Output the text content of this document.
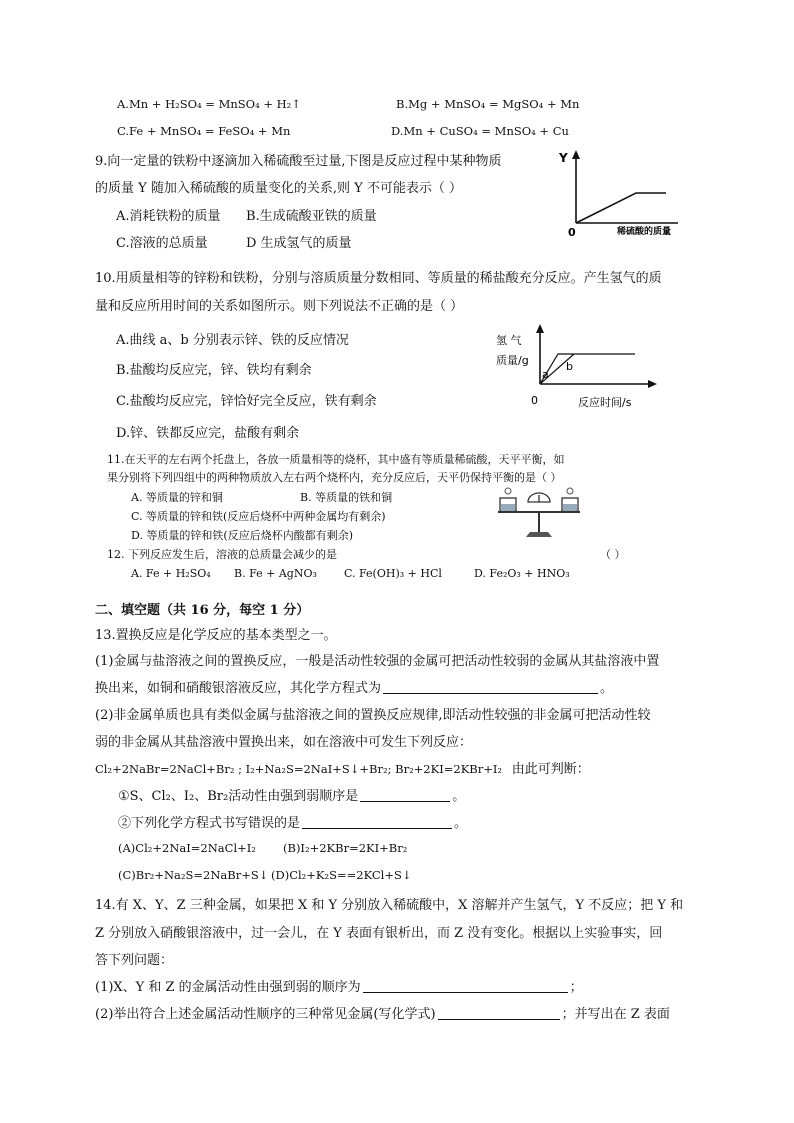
A.Mn + H₂SO₄ = MnSO₄ + H₂↑	B.Mg + MnSO₄ = MgSO₄ + Mn
C.Fe + MnSO₄ = FeSO₄ + Mn	D.Mn + CuSO₄ = MnSO₄ + Cu
9.向一定量的铁粉中逐滴加入稀硫酸至过量,下图是反应过程中某种物质
的质量 Y 随加入稀硫酸的质量变化的关系,则 Y 不可能表示（ ）
A.消耗铁粉的质量 B.生成硫酸亚铁的质量
C.溶液的总质量	D 生成氢气的质量
Y
0	稀硫酸的质量
10.用质量相等的锌粉和铁粉，分别与溶质质量分数相同、等质量的稀盐酸充分反应。产生氢气的质
量和反应所用时间的关系如图所示。则下列说法不正确的是（ ）
A.曲线 a、b 分别表示锌、铁的反应情况
B.盐酸均反应完，锌、铁均有剩余
C.盐酸均反应完，锌恰好完全反应，铁有剩余
D.锌、铁都反应完，盐酸有剩余
氢 气
质量/g
a
b
0	反应时间/s
11.在天平的左右两个托盘上，各放一质量相等的烧杯，其中盛有等质量稀硫酸，天平平衡，如
果分别将下列四组中的两种物质放入左右两个烧杯内，充分反应后，天平仍保持平衡的是（ ）
A. 等质量的锌和铜	B. 等质量的铁和铜
C. 等质量的锌和铁(反应后烧杯中两种金属均有剩余)
D. 等质量的锌和铁(反应后烧杯内酸都有剩余)
12. 下列反应发生后，溶液的总质量会减少的是	（ ）
A. Fe + H₂SO₄ B. Fe + AgNO₃ C. Fe(OH)₃ + HCl	D. Fe₂O₃ + HNO₃
二、填空题（共 16 分，每空 1 分）
13.置换反应是化学反应的基本类型之一。
(1)金属与盐溶液之间的置换反应，一般是活动性较强的金属可把活动性较弱的金属从其盐溶液中置
换出来，如铜和硝酸银溶液反应，其化学方程式为	。
(2)非金属单质也具有类似金属与盐溶液之间的置换反应规律,即活动性较强的非金属可把活动性较
弱的非金属从其盐溶液中置换出来，如在溶液中可发生下列反应：
Cl₂+2NaBr=2NaCl+Br₂ ; I₂+Na₂S=2NaI+S↓+Br₂; Br₂+2KI=2KBr+I₂ 由此可判断：
①S、Cl₂、I₂、Br₂活动性由强到弱顺序是	。
②下列化学方程式书写错误的是	。
(A)Cl₂+2NaI=2NaCl+I₂ (B)I₂+2KBr=2KI+Br₂
(C)Br₂+Na₂S=2NaBr+S↓ (D)Cl₂+K₂S==2KCl+S↓
14.有 X、Y、Z 三种金属，如果把 X 和 Y 分别放入稀硫酸中，X 溶解并产生氢气，Y 不反应；把 Y 和
Z 分别放入硝酸银溶液中，过一会儿，在 Y 表面有银析出，而 Z 没有变化。根据以上实验事实，回
答下列问题：
(1)X、Y 和 Z 的金属活动性由强到弱的顺序为	；
(2)举出符合上述金属活动性顺序的三种常见金属(写化学式)	；并写出在 Z 表面
